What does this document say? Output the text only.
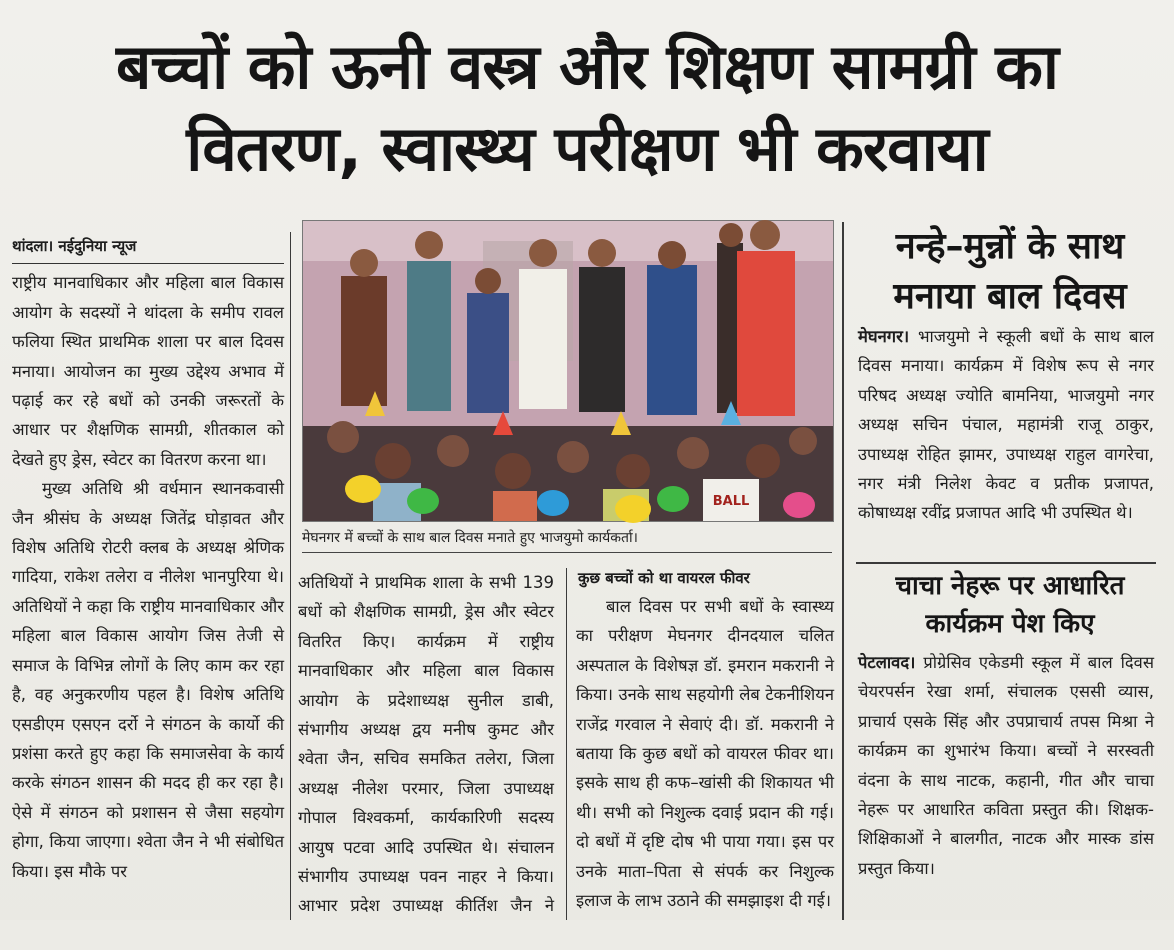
बच्चों को ऊनी वस्त्र और शिक्षण सामग्री का
वितरण, स्वास्थ्य परीक्षण भी करवाया
थांदला। नईदुनिया न्यूज

राष्ट्रीय मानवाधिकार और महिला बाल विकास आयोग के सदस्यों ने थांदला के समीप रावल फलिया स्थित प्राथमिक शाला पर बाल दिवस मनाया। आयोजन का मुख्य उद्देश्य अभाव में पढ़ाई कर रहे बधों को उनकी जरूरतों के आधार पर शैक्षणिक सामग्री, शीतकाल को देखते हुए ड्रेस, स्वेटर का वितरण करना था।

मुख्य अतिथि श्री वर्धमान स्थानकवासी जैन श्रीसंघ के अध्यक्ष जितेंद्र घोड़ावत और विशेष अतिथि रोटरी क्लब के अध्यक्ष श्रेणिक गादिया, राकेश तलेरा व नीलेश भानपुरिया थे। अतिथियों ने कहा कि राष्ट्रीय मानवाधिकार और महिला बाल विकास आयोग जिस तेजी से समाज के विभिन्न लोगों के लिए काम कर रहा है, वह अनुकरणीय पहल है। विशेष अतिथि एसडीएम एसएन दर्रो ने संगठन के कार्यो की प्रशंसा करते हुए कहा कि समाजसेवा के कार्य करके संगठन शासन की मदद ही कर रहा है। ऐसे में संगठन को प्रशासन से जैसा सहयोग होगा, किया जाएगा। श्वेता जैन ने भी संबोधित किया। इस मौके पर

BALL
मेघनगर में बच्चों के साथ बाल दिवस मनाते हुए भाजयुमो कार्यकर्ता।

अतिथियों ने प्राथमिक शाला के सभी 139 बधों को शैक्षणिक सामग्री, ड्रेस और स्वेटर वितरित किए। कार्यक्रम में राष्ट्रीय मानवाधिकार और महिला बाल विकास आयोग के प्रदेशाध्यक्ष सुनील डाबी, संभागीय अध्यक्ष द्वय मनीष कुमट और श्वेता जैन, सचिव समकित तलेरा, जिला अध्यक्ष नीलेश परमार, जिला उपाध्यक्ष गोपाल विश्वकर्मा, कार्यकारिणी सदस्य आयुष पटवा आदि उपस्थित थे। संचालन संभागीय उपाध्यक्ष पवन नाहर ने किया। आभार प्रदेश उपाध्यक्ष कीर्तिश जैन ने

कुछ बच्चों को था वायरल फीवर

बाल दिवस पर सभी बधों के स्वास्थ्य का परीक्षण मेघनगर दीनदयाल चलित अस्पताल के विशेषज्ञ डॉ. इमरान मकरानी ने किया। उनके साथ सहयोगी लेब टेकनीशियन राजेंद्र गरवाल ने सेवाएं दी। डॉ. मकरानी ने बताया कि कुछ बधों को वायरल फीवर था। इसके साथ ही कफ–खांसी की शिकायत भी थी। सभी को निशुल्क दवाई प्रदान की गई। दो बधों में दृष्टि दोष भी पाया गया। इस पर उनके माता–पिता से संपर्क कर निशुल्क इलाज के लाभ उठाने की समझाइश दी गई।

नन्हे–मुन्नों के साथ
मनाया बाल दिवस
मेघनगर। भाजयुमो ने स्कूली बधों के साथ बाल दिवस मनाया। कार्यक्रम में विशेष रूप से नगर परिषद अध्यक्ष ज्योति बामनिया, भाजयुमो नगर अध्यक्ष सचिन पंचाल, महामंत्री राजू ठाकुर, उपाध्यक्ष रोहित झामर, उपाध्यक्ष राहुल वागरेचा, नगर मंत्री निलेश केवट व प्रतीक प्रजापत, कोषाध्यक्ष रवींद्र प्रजापत आदि भी उपस्थित थे।
चाचा नेहरू पर आधारित
कार्यक्रम पेश किए
पेटलावद। प्रोग्रेसिव एकेडमी स्कूल में बाल दिवस चेयरपर्सन रेखा शर्मा, संचालक एससी व्यास, प्राचार्य एसके सिंह और उपप्राचार्य तपस मिश्रा ने कार्यक्रम का शुभारंभ किया। बच्चों ने सरस्वती वंदना के साथ नाटक, कहानी, गीत और चाचा नेहरू पर आधारित कविता प्रस्तुत की। शिक्षक-शिक्षिकाओं ने बालगीत, नाटक और मास्क डांस प्रस्तुत किया।
